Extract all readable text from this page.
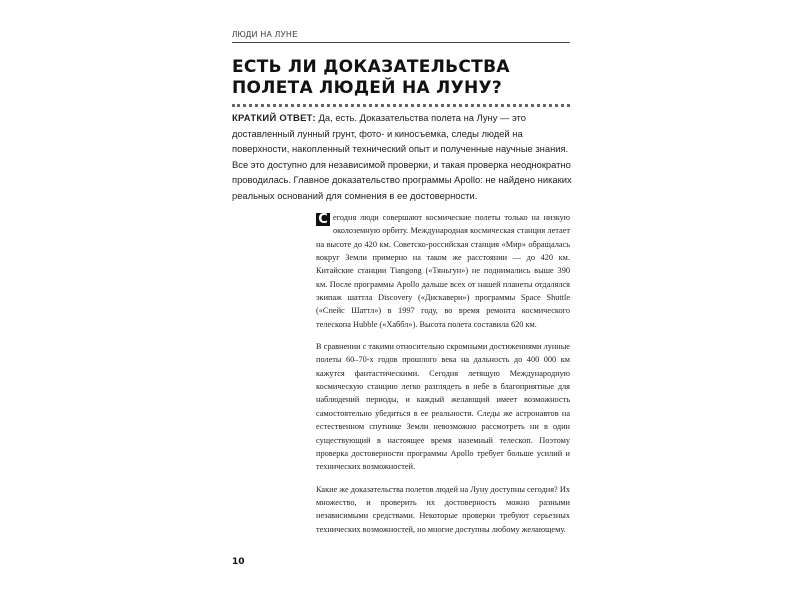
ЛЮДИ НА ЛУНЕ
ЕСТЬ ЛИ ДОКАЗАТЕЛЬСТВА ПОЛЕТА ЛЮДЕЙ НА ЛУНУ?

КРАТКИЙ ОТВЕТ: Да, есть. Доказательства полета на Луну — это доставленный лунный грунт, фото- и киносъемка, следы людей на поверхности, накопленный технический опыт и полученные научные знания. Все это доступно для независимой проверки, и такая проверка неоднократно проводилась. Главное доказательство программы Apollo: не найдено никаких реальных оснований для сомнения в ее достоверности.

С егодня люди совершают космические полеты только на низкую околоземную орбиту. Международная космическая станция летает на высоте до 420 км. Советско-российская станция «Мир» обращалась вокруг Земли примерно на таком же расстоянии — до 420 км. Китайские станции Tiangong («Тяньгун») не поднимались выше 390 км. После программы Apollo дальше всех от нашей планеты отдалялся экипаж шаттла Discovery («Дискавери») программы Space Shuttle («Спейс Шаттл») в 1997 году, во время ремонта космического телескопа Hubble («Хаббл»). Высота полета составила 620 км.

В сравнении с такими относительно скромными достижениями лунные полеты 60–70-х годов прошлого века на дальность до 400 000 км кажутся фантастическими. Сегодня летящую Международную космическую станцию легко разглядеть в небе в благоприятные для наблюдений периоды, и каждый желающий имеет возможность самостоятельно убедиться в ее реальности. Следы же астронавтов на естественном спутнике Земли невозможно рассмотреть ни в один существующий в настоящее время наземный телескоп. Поэтому проверка достоверности программы Apollo требует больше усилий и технических возможностей.

Какие же доказательства полетов людей на Луну доступны сегодня? Их множество, и проверить их достоверность можно разными независимыми средствами. Некоторые проверки требуют серьезных технических возможностей, но многие доступны любому желающему.

10
